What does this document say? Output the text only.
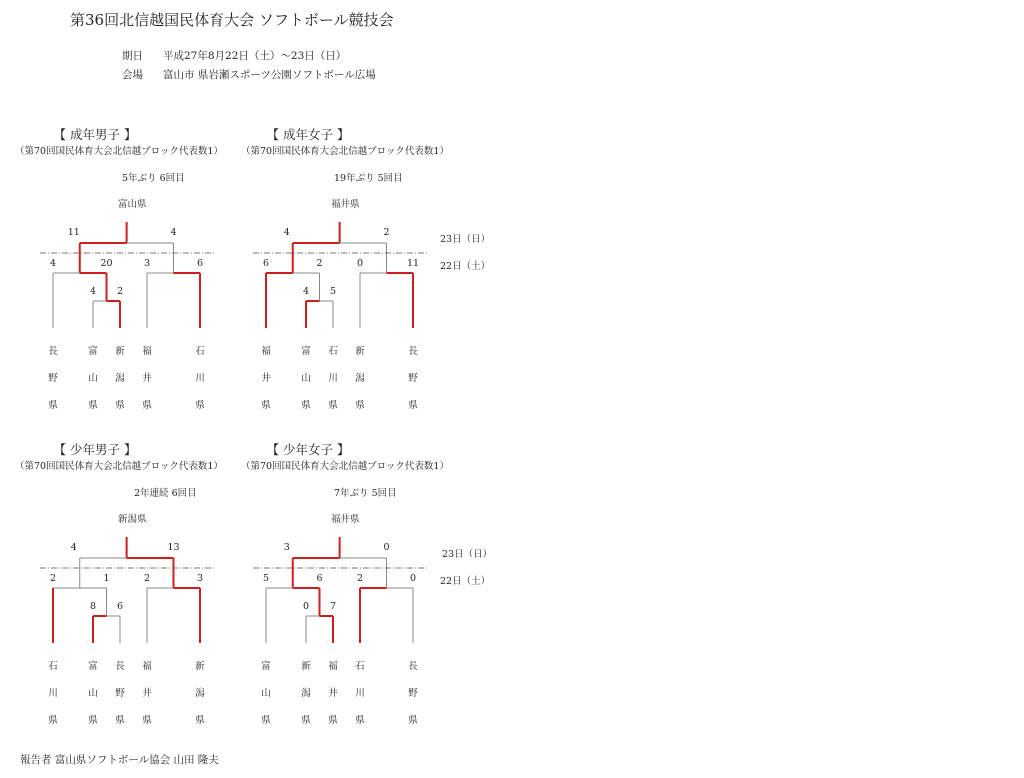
第36回北信越国民体育大会 ソフトボール競技会
期日 平成27年8月22日（土）～23日（日）
会場 富山市 県岩瀬スポーツ公園ソフトボール広場
【 成年男子 】
（第70回国民体育大会北信越ブロック代表数1）
5年ぶり 6回目
富山県
11	4
4	20	3	6
4	2
長
野
県
富
山
県
新
潟
県
福
井
県
石
川
県
【 成年女子 】
（第70回国民体育大会北信越ブロック代表数1）
19年ぶり 5回目
福井県
4	2
6	2	0	11
4	5
23日（日）
22日（土）
福
井
県
富
山
県
石
川
県
新
潟
県
長
野
県
【 少年男子 】
（第70回国民体育大会北信越ブロック代表数1）
2年連続 6回目
新潟県
4	13
2	1	2	3
8	6
石
川
県
富
山
県
長
野
県
福
井
県
新
潟
県
【 少年女子 】
（第70回国民体育大会北信越ブロック代表数1）
7年ぶり 5回目
福井県
3	0
5	6	2	0
0	7
23日（日）
22日（土）
富
山
県
新
潟
県
福
井
県
石
川
県
長
野
県
報告者 富山県ソフトボール協会 山田 隆夫
